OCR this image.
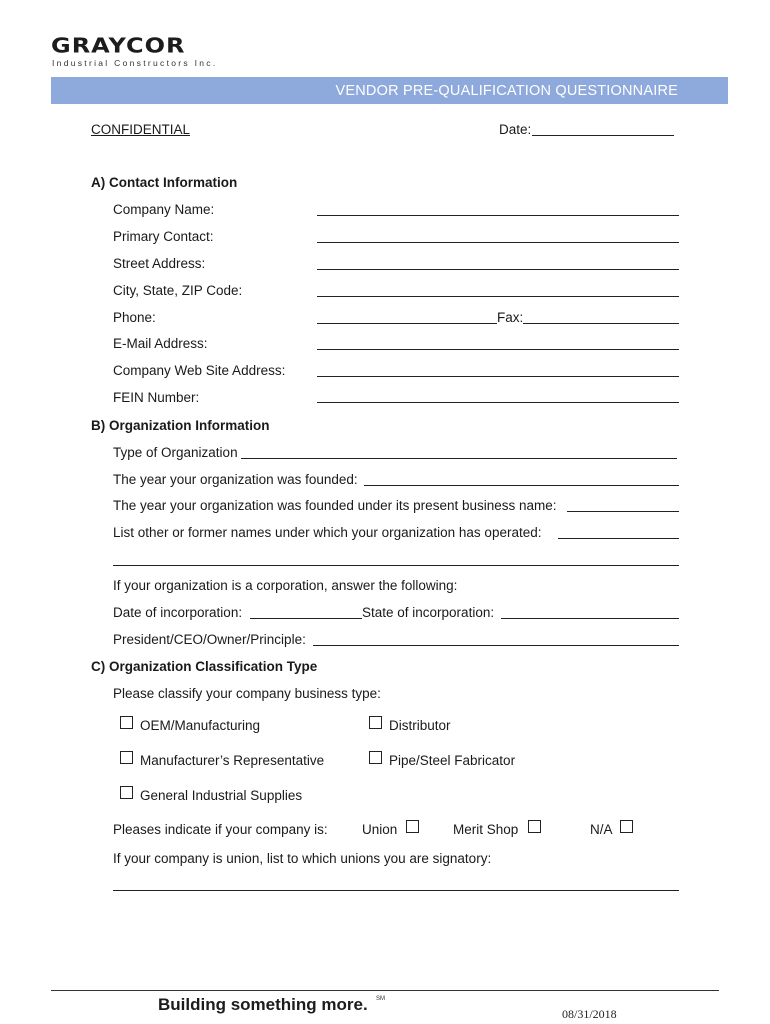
GRAYCOR
Industrial Constructors Inc.
VENDOR PRE-QUALIFICATION QUESTIONNAIRE
CONFIDENTIAL	Date:
A) Contact Information
Company Name:
Primary Contact:
Street Address:
City, State, ZIP Code:
Phone:	Fax:
E-Mail Address:
Company Web Site Address:
FEIN Number:
B) Organization Information
Type of Organization
The year your organization was founded:
The year your organization was founded under its present business name:
List other or former names under which your organization has operated:
If your organization is a corporation, answer the following:
Date of incorporation:	State of incorporation:
President/CEO/Owner/Principle:
C) Organization Classification Type
Please classify your company business type:
OEM/Manufacturing	Distributor
Manufacturer’s Representative	Pipe/Steel Fabricator
General Industrial Supplies
Pleases indicate if your company is:	Union	Merit Shop	N/A
If your company is union, list to which unions you are signatory:
Building something more. SM
08/31/2018
